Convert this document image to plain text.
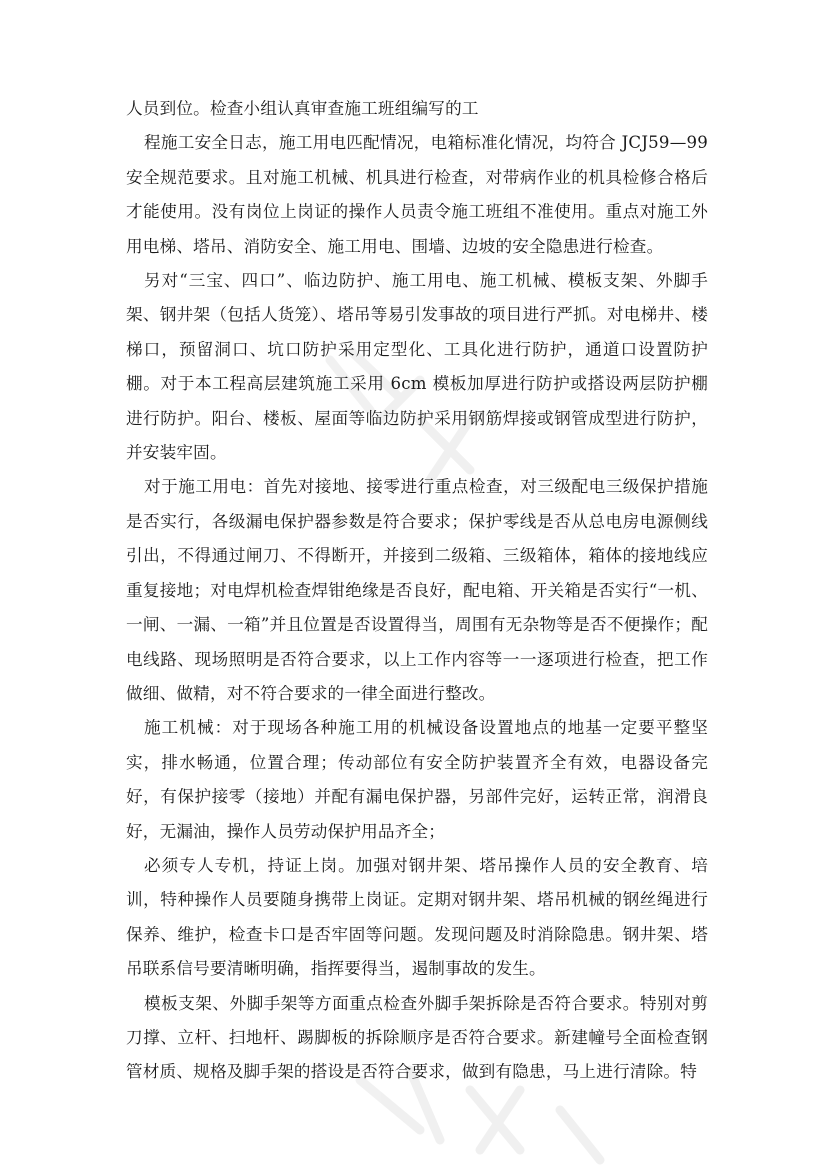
人员到位。检查小组认真审查施工班组编写的工

程施工安全日志，施工用电匹配情况，电箱标准化情况，均符合 JCJ59—99 安全规范要求。且对施工机械、机具进行检查，对带病作业的机具检修合格后才能使用。没有岗位上岗证的操作人员责令施工班组不准使用。重点对施工外用电梯、塔吊、消防安全、施工用电、围墙、边坡的安全隐患进行检查。

另对“三宝、四口”、临边防护、施工用电、施工机械、模板支架、外脚手架、钢井架（包括人货笼）、塔吊等易引发事故的项目进行严抓。对电梯井、楼梯口，预留洞口、坑口防护采用定型化、工具化进行防护，通道口设置防护棚。对于本工程高层建筑施工采用 6cm 模板加厚进行防护或搭设两层防护棚进行防护。阳台、楼板、屋面等临边防护采用钢筋焊接或钢管成型进行防护，并安装牢固。

对于施工用电：首先对接地、接零进行重点检查，对三级配电三级保护措施是否实行，各级漏电保护器参数是符合要求；保护零线是否从总电房电源侧线引出，不得通过闸刀、不得断开，并接到二级箱、三级箱体，箱体的接地线应重复接地；对电焊机检查焊钳绝缘是否良好，配电箱、开关箱是否实行“一机、一闸、一漏、一箱”并且位置是否设置得当，周围有无杂物等是否不便操作；配电线路、现场照明是否符合要求，以上工作内容等一一逐项进行检查，把工作做细、做精，对不符合要求的一律全面进行整改。

施工机械：对于现场各种施工用的机械设备设置地点的地基一定要平整坚实，排水畅通，位置合理；传动部位有安全防护装置齐全有效，电器设备完好，有保护接零（接地）并配有漏电保护器，另部件完好，运转正常，润滑良好，无漏油，操作人员劳动保护用品齐全；

必须专人专机，持证上岗。加强对钢井架、塔吊操作人员的安全教育、培训，特种操作人员要随身携带上岗证。定期对钢井架、塔吊机械的钢丝绳进行保养、维护，检查卡口是否牢固等问题。发现问题及时消除隐患。钢井架、塔吊联系信号要清晰明确，指挥要得当，遏制事故的发生。

模板支架、外脚手架等方面重点检查外脚手架拆除是否符合要求。特别对剪刀撑、立杆、扫地杆、踢脚板的拆除顺序是否符合要求。新建幢号全面检查钢管材质、规格及脚手架的搭设是否符合要求，做到有隐患，马上进行清除。特
